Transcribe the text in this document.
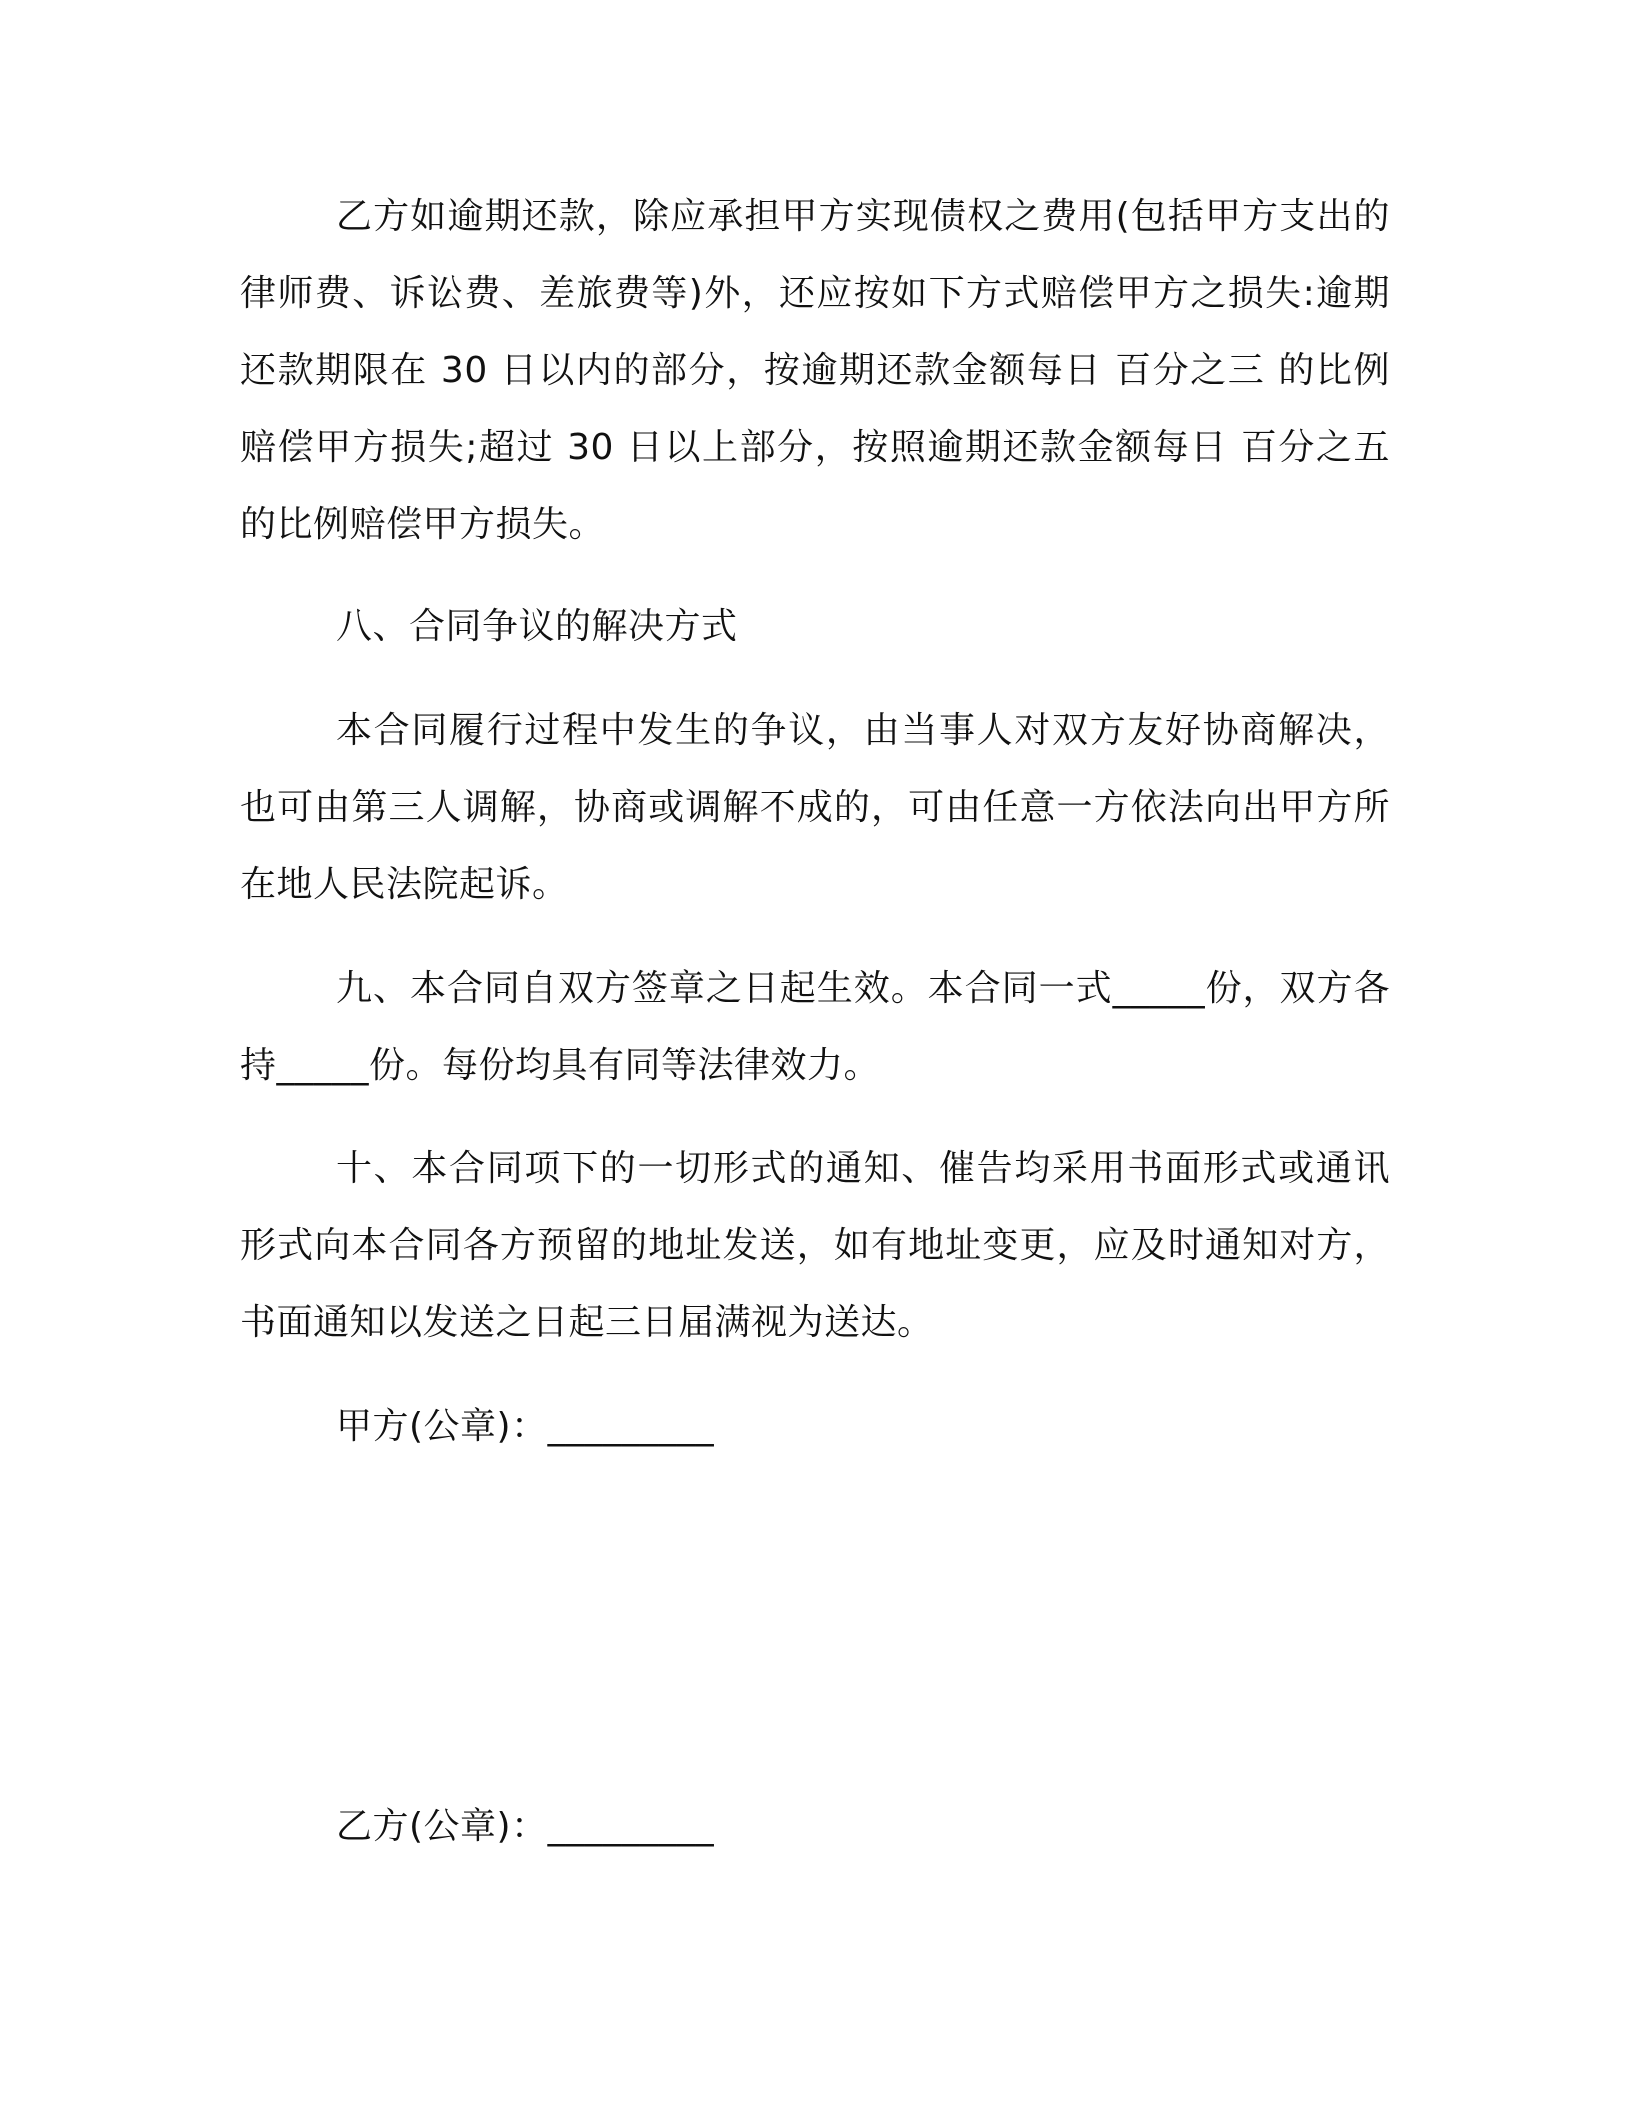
乙方如逾期还款，除应承担甲方实现债权之费用(包括甲方支出的律师费、诉讼费、差旅费等)外，还应按如下方式赔偿甲方之损失:逾期还款期限在 30 日以内的部分，按逾期还款金额每日 百分之三 的比例赔偿甲方损失;超过 30 日以上部分，按照逾期还款金额每日 百分之五 的比例赔偿甲方损失。

八、合同争议的解决方式

本合同履行过程中发生的争议，由当事人对双方友好协商解决，也可由第三人调解，协商或调解不成的，可由任意一方依法向出甲方所在地人民法院起诉。

九、本合同自双方签章之日起生效。本合同一式_____份，双方各持_____份。每份均具有同等法律效力。

十、本合同项下的一切形式的通知、催告均采用书面形式或通讯形式向本合同各方预留的地址发送，如有地址变更，应及时通知对方，书面通知以发送之日起三日届满视为送达。

甲方(公章)：_________

乙方(公章)：_________
